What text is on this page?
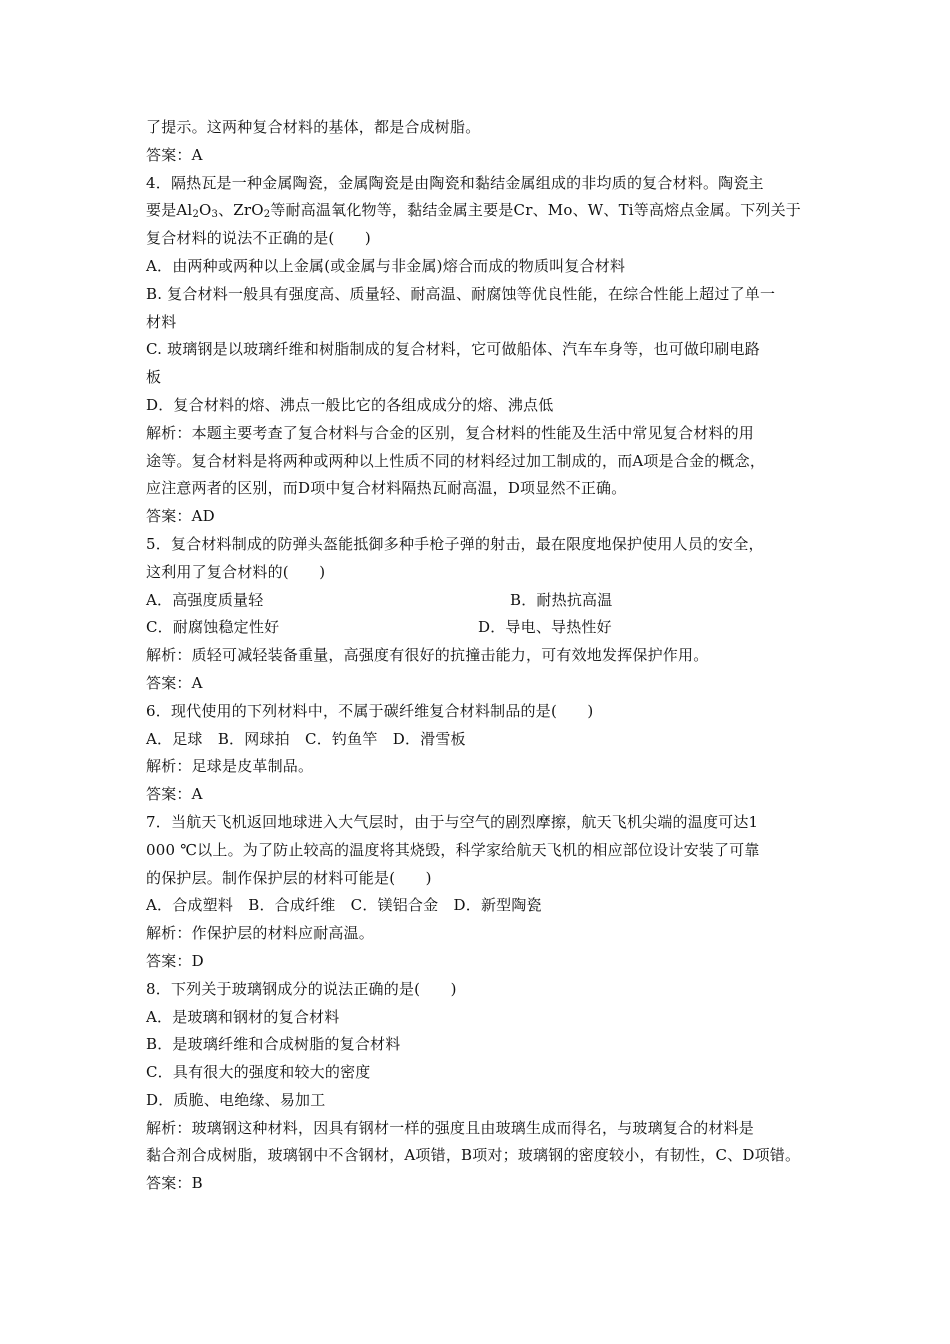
了提示。这两种复合材料的基体，都是合成树脂。
答案：A
4．隔热瓦是一种金属陶瓷，金属陶瓷是由陶瓷和黏结金属组成的非均质的复合材料。陶瓷主
要是$Al_2O_3$、ZrO$_2$等耐高温氧化物等，黏结金属主要是Cr、Mo、W、Ti等高熔点金属。下列关于
复合材料的说法不正确的是(　　)
A．由两种或两种以上金属(或金属与非金属)熔合而成的物质叫复合材料
B. 复合材料一般具有强度高、质量轻、耐高温、耐腐蚀等优良性能，在综合性能上超过了单一
材料
C. 玻璃钢是以玻璃纤维和树脂制成的复合材料，它可做船体、汽车车身等，也可做印刷电路
板
D．复合材料的熔、沸点一般比它的各组成成分的熔、沸点低
解析：本题主要考查了复合材料与合金的区别，复合材料的性能及生活中常见复合材料的用
途等。复合材料是将两种或两种以上性质不同的材料经过加工制成的，而A项是合金的概念，
应注意两者的区别，而D项中复合材料隔热瓦耐高温，D项显然不正确。
答案：AD
5．复合材料制成的防弹头盔能抵御多种手枪子弹的射击，最在限度地保护使用人员的安全，
这利用了复合材料的(　　)
A．高强度质量轻	B．耐热抗高温
C．耐腐蚀稳定性好	D．导电、导热性好
解析：质轻可减轻装备重量，高强度有很好的抗撞击能力，可有效地发挥保护作用。
答案：A
6．现代使用的下列材料中，不属于碳纤维复合材料制品的是(　　)
A．足球　B．网球拍　C．钓鱼竿　D．滑雪板
解析：足球是皮革制品。
答案：A
7．当航天飞机返回地球进入大气层时，由于与空气的剧烈摩擦，航天飞机尖端的温度可达1
000 ℃以上。为了防止较高的温度将其烧毁，科学家给航天飞机的相应部位设计安装了可靠
的保护层。制作保护层的材料可能是(　　)
A．合成塑料　B．合成纤维　C．镁铝合金　D．新型陶瓷
解析：作保护层的材料应耐高温。
答案：D
8．下列关于玻璃钢成分的说法正确的是(　　)
A．是玻璃和钢材的复合材料
B．是玻璃纤维和合成树脂的复合材料
C．具有很大的强度和较大的密度
D．质脆、电绝缘、易加工
解析：玻璃钢这种材料，因具有钢材一样的强度且由玻璃生成而得名，与玻璃复合的材料是
黏合剂合成树脂，玻璃钢中不含钢材，A项错，B项对；玻璃钢的密度较小，有韧性，C、D项错。
答案：B
